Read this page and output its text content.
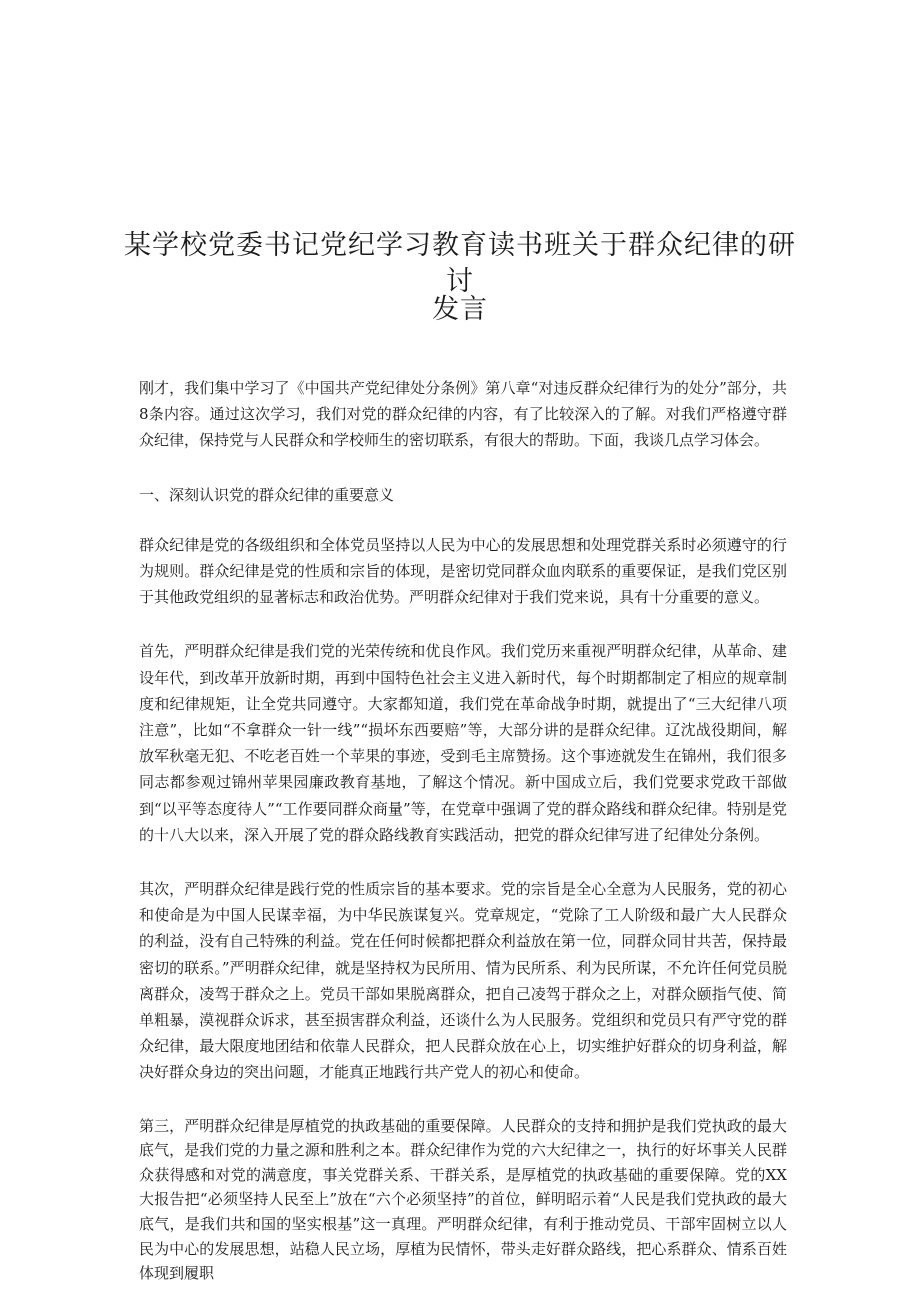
某学校党委书记党纪学习教育读书班关于群众纪律的研讨
发言

刚才，我们集中学习了《中国共产党纪律处分条例》第八章“对违反群众纪律行为的处分”部分，共8条内容。通过这次学习，我们对党的群众纪律的内容，有了比较深入的了解。对我们严格遵守群众纪律，保持党与人民群众和学校师生的密切联系，有很大的帮助。下面，我谈几点学习体会。

一、深刻认识党的群众纪律的重要意义

群众纪律是党的各级组织和全体党员坚持以人民为中心的发展思想和处理党群关系时必须遵守的行为规则。群众纪律是党的性质和宗旨的体现，是密切党同群众血肉联系的重要保证，是我们党区别于其他政党组织的显著标志和政治优势。严明群众纪律对于我们党来说，具有十分重要的意义。

首先，严明群众纪律是我们党的光荣传统和优良作风。我们党历来重视严明群众纪律，从革命、建设年代，到改革开放新时期，再到中国特色社会主义进入新时代，每个时期都制定了相应的规章制度和纪律规矩，让全党共同遵守。大家都知道，我们党在革命战争时期，就提出了“三大纪律八项注意”，比如“不拿群众一针一线”“损坏东西要赔”等，大部分讲的是群众纪律。辽沈战役期间，解放军秋毫无犯、不吃老百姓一个苹果的事迹，受到毛主席赞扬。这个事迹就发生在锦州，我们很多同志都参观过锦州苹果园廉政教育基地，了解这个情况。新中国成立后，我们党要求党政干部做到“以平等态度待人”“工作要同群众商量”等，在党章中强调了党的群众路线和群众纪律。特别是党的十八大以来，深入开展了党的群众路线教育实践活动，把党的群众纪律写进了纪律处分条例。

其次，严明群众纪律是践行党的性质宗旨的基本要求。党的宗旨是全心全意为人民服务，党的初心和使命是为中国人民谋幸福，为中华民族谋复兴。党章规定，“党除了工人阶级和最广大人民群众的利益，没有自己特殊的利益。党在任何时候都把群众利益放在第一位，同群众同甘共苦，保持最密切的联系。”严明群众纪律，就是坚持权为民所用、情为民所系、利为民所谋，不允许任何党员脱离群众，凌驾于群众之上。党员干部如果脱离群众，把自己凌驾于群众之上，对群众颐指气使、简单粗暴，漠视群众诉求，甚至损害群众利益，还谈什么为人民服务。党组织和党员只有严守党的群众纪律，最大限度地团结和依靠人民群众，把人民群众放在心上，切实维护好群众的切身利益，解决好群众身边的突出问题，才能真正地践行共产党人的初心和使命。

第三，严明群众纪律是厚植党的执政基础的重要保障。人民群众的支持和拥护是我们党执政的最大底气，是我们党的力量之源和胜利之本。群众纪律作为党的六大纪律之一，执行的好坏事关人民群众获得感和对党的满意度，事关党群关系、干群关系，是厚植党的执政基础的重要保障。党的XX大报告把“必须坚持人民至上”放在“六个必须坚持”的首位，鲜明昭示着“人民是我们党执政的最大底气，是我们共和国的坚实根基”这一真理。严明群众纪律，有利于推动党员、干部牢固树立以人民为中心的发展思想，站稳人民立场，厚植为民情怀，带头走好群众路线，把心系群众、情系百姓体现到履职
